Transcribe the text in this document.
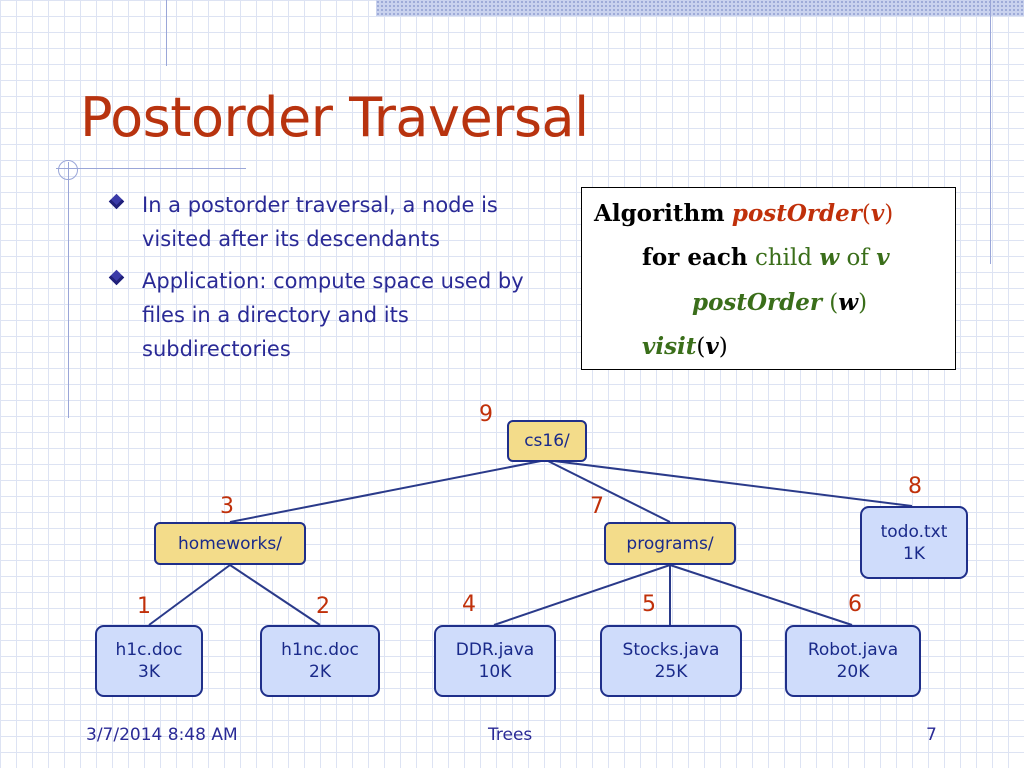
Postorder Traversal
In a postorder traversal, a node is visited after its descendants
Application: compute space used by files in a directory and its subdirectories
Algorithm postOrder(v)
for each child w of v
postOrder (w)
visit(v)
9
cs16/
3
homeworks/
7
programs/
8
todo.txt
1K
1
h1c.doc
3K
2
h1nc.doc
2K
4
DDR.java
10K
5
Stocks.java
25K
6
Robot.java
20K
3/7/2014 8:48 AM	Trees	7
